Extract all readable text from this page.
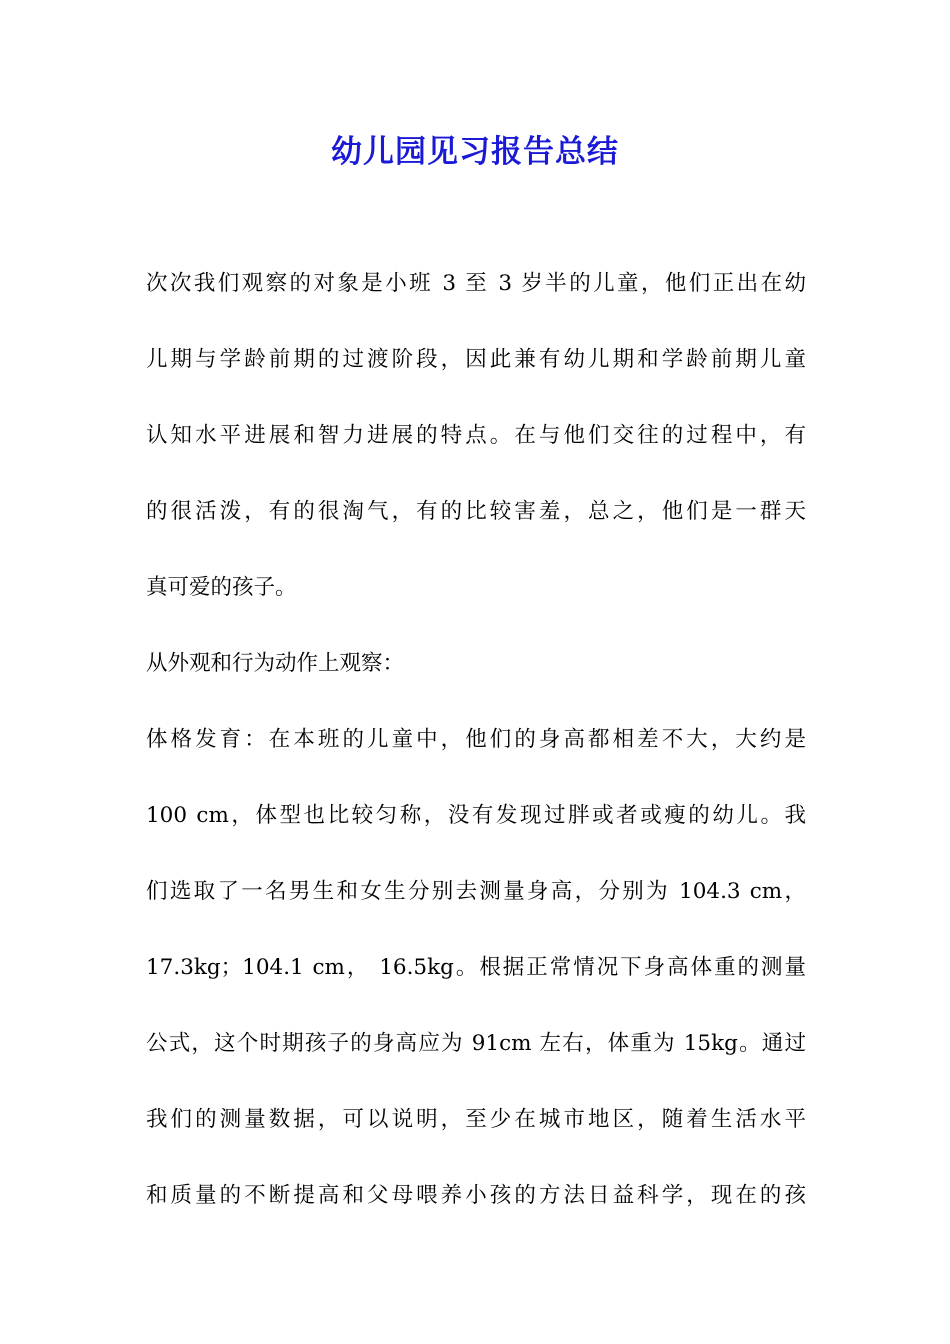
幼儿园见习报告总结
次次我们观察的对象是小班 3 至 3 岁半的儿童，他们正出在幼
儿期与学龄前期的过渡阶段，因此兼有幼儿期和学龄前期儿童
认知水平进展和智力进展的特点。在与他们交往的过程中，有
的很活泼，有的很淘气，有的比较害羞，总之，他们是一群天
真可爱的孩子。
从外观和行为动作上观察：
体格发育：在本班的儿童中，他们的身高都相差不大，大约是
100 cm，体型也比较匀称，没有发现过胖或者或瘦的幼儿。我
们选取了一名男生和女生分别去测量身高，分别为 104.3 cm，
17.3kg；104.1 cm， 16.5kg。根据正常情况下身高体重的测量
公式，这个时期孩子的身高应为 91cm 左右，体重为 15kg。通过
我们的测量数据，可以说明，至少在城市地区，随着生活水平
和质量的不断提高和父母喂养小孩的方法日益科学，现在的孩
